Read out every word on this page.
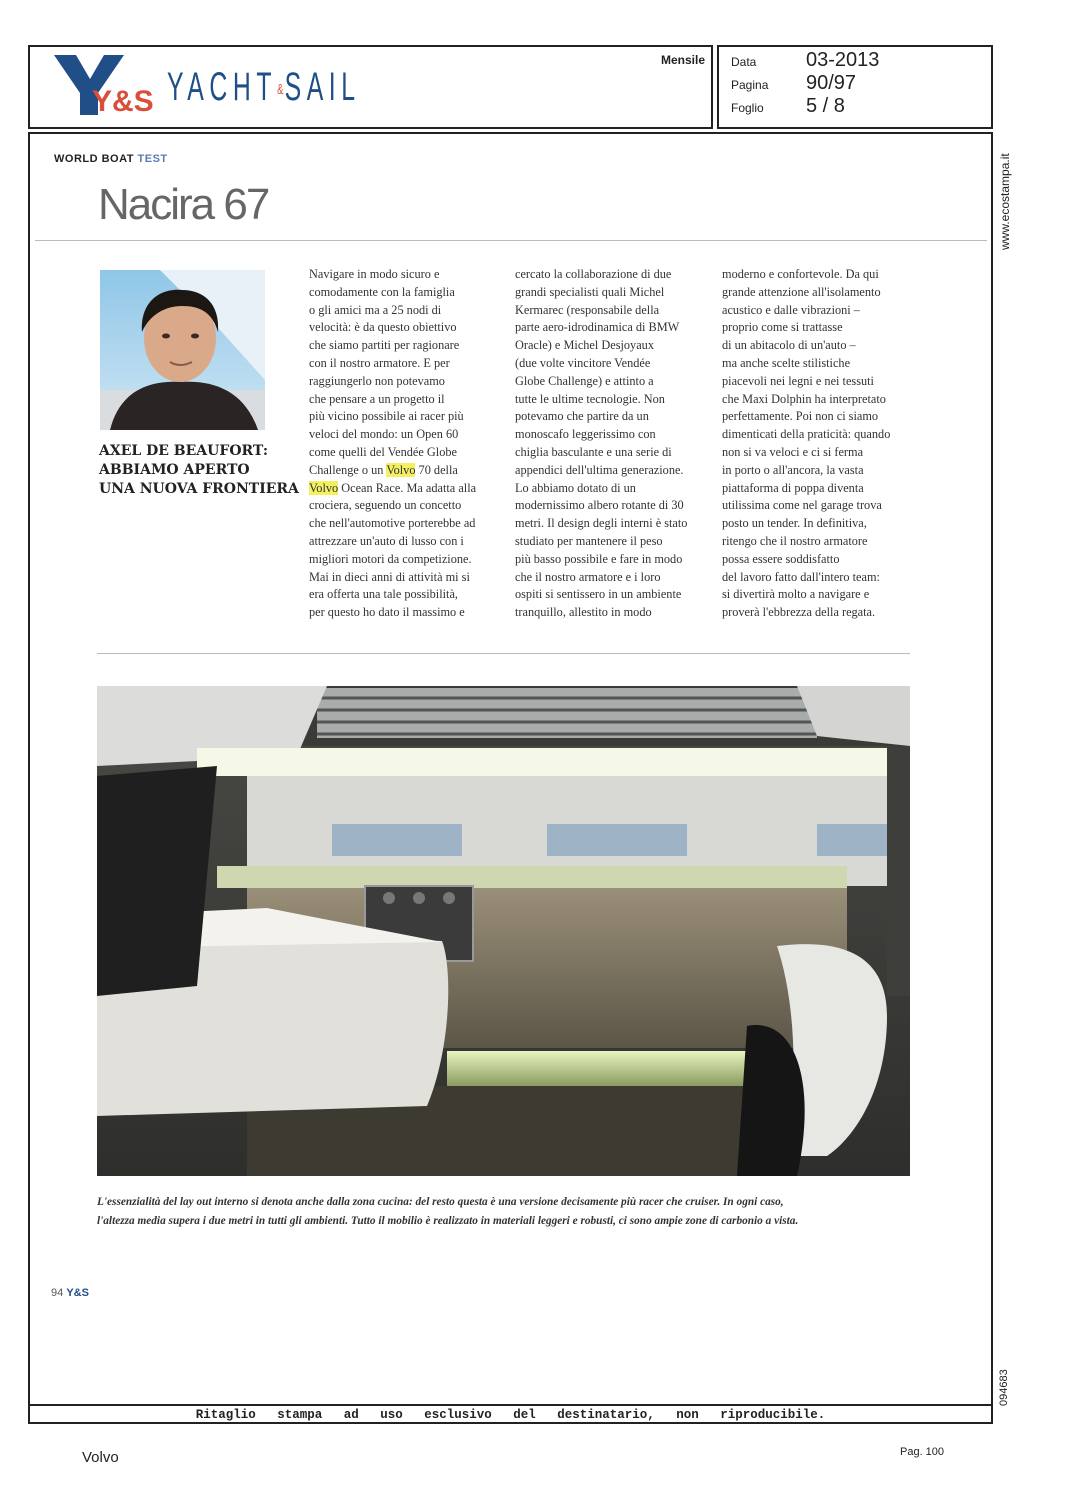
Y&S YACHT&SAIL
Mensile Data 03-2013
Pagina 90/97
Foglio 5 / 8
www.ecostampa.it
094683
WORLD BOAT TEST
Nacira 67
AXEL DE BEAUFORT:
ABBIAMO APERTO
UNA NUOVA FRONTIERA

Navigare in modo sicuro e

comodamente con la famiglia

o gli amici ma a 25 nodi di

velocità: è da questo obiettivo

che siamo partiti per ragionare

con il nostro armatore. E per

raggiungerlo non potevamo

che pensare a un progetto il

più vicino possibile ai racer più

veloci del mondo: un Open 60

come quelli del Vendée Globe

Challenge o un Volvo 70 della

Volvo Ocean Race. Ma adatta alla

crociera, seguendo un concetto

che nell'automotive porterebbe ad

attrezzare un'auto di lusso con i

migliori motori da competizione.

Mai in dieci anni di attività mi si

era offerta una tale possibilità,

per questo ho dato il massimo e

cercato la collaborazione di due

grandi specialisti quali Michel

Kermarec (responsabile della

parte aero-idrodinamica di BMW

Oracle) e Michel Desjoyaux

(due volte vincitore Vendée

Globe Challenge) e attinto a

tutte le ultime tecnologie. Non

potevamo che partire da un

monoscafo leggerissimo con

chiglia basculante e una serie di

appendici dell'ultima generazione.

Lo abbiamo dotato di un

modernissimo albero rotante di 30

metri. Il design degli interni è stato

studiato per mantenere il peso

più basso possibile e fare in modo

che il nostro armatore e i loro

ospiti si sentissero in un ambiente

tranquillo, allestito in modo

moderno e confortevole. Da qui

grande attenzione all'isolamento

acustico e dalle vibrazioni –

proprio come si trattasse

di un abitacolo di un'auto –

ma anche scelte stilistiche

piacevoli nei legni e nei tessuti

che Maxi Dolphin ha interpretato

perfettamente. Poi non ci siamo

dimenticati della praticità: quando

non si va veloci e ci si ferma

in porto o all'ancora, la vasta

piattaforma di poppa diventa

utilissima come nel garage trova

posto un tender. In definitiva,

ritengo che il nostro armatore

possa essere soddisfatto

del lavoro fatto dall'intero team:

si divertirà molto a navigare e

proverà l'ebbrezza della regata.

L'essenzialità del lay out interno si denota anche dalla zona cucina: del resto questa è una versione decisamente più racer che cruiser. In ogni caso,
l'altezza media supera i due metri in tutti gli ambienti. Tutto il mobilio è realizzato in materiali leggeri e robusti, ci sono ampie zone di carbonio a vista.
94 Y&S
Ritaglio stampa ad uso esclusivo del destinatario, non riproducibile.
Volvo	Pag. 100
